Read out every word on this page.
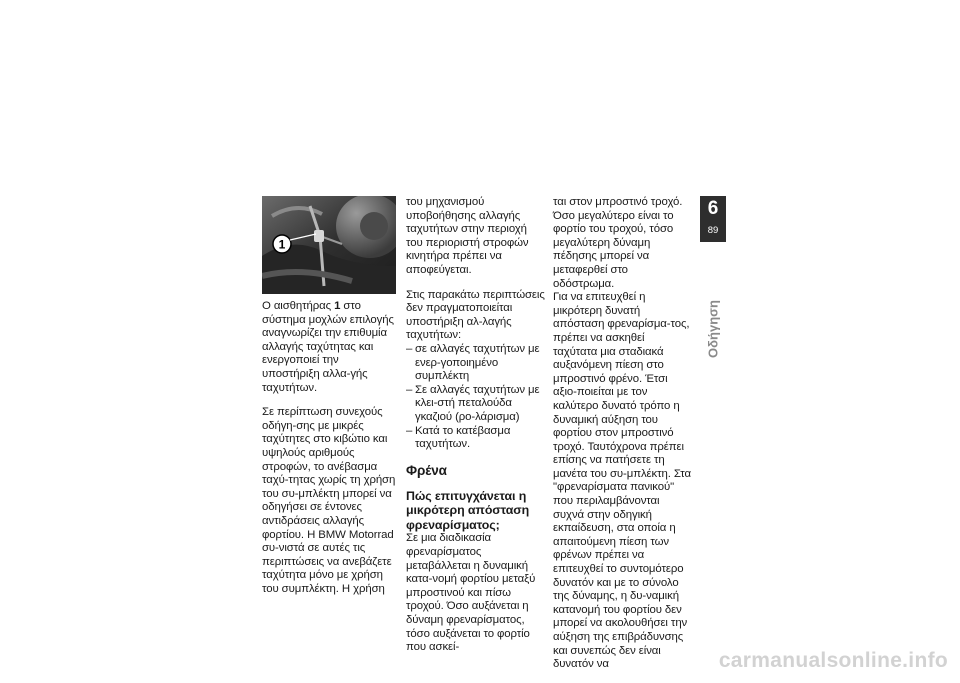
1

Ο αισθητήρας 1 στο σύστημα μοχλών επιλογής αναγνωρίζει την επιθυμία αλλαγής ταχύτητας και ενεργοποιεί την υποστήριξη αλλα-γής ταχυτήτων.

Σε περίπτωση συνεχούς οδήγη-σης με μικρές ταχύτητες στο κιβώτιο και υψηλούς αριθμούς στροφών, το ανέβασμα ταχύ-τητας χωρίς τη χρήση του συ-μπλέκτη μπορεί να οδηγήσει σε έντονες αντιδράσεις αλλαγής φορτίου. Η BMW Motorrad συ-νιστά σε αυτές τις περιπτώσεις να ανεβάζετε ταχύτητα μόνο με χρήση του συμπλέκτη. Η χρήση

του μηχανισμού υποβοήθησης αλλαγής ταχυτήτων στην περιοχή του περιοριστή στροφών κινητήρα πρέπει να αποφεύγεται.

Στις παρακάτω περιπτώσεις δεν πραγματοποιείται υποστήριξη αλ-λαγής ταχυτήτων:

– σε αλλαγές ταχυτήτων με ενερ-γοποιημένο συμπλέκτη
– Σε αλλαγές ταχυτήτων με κλει-στή πεταλούδα γκαζιού (ρο-λάρισμα)
– Κατά το κατέβασμα ταχυτήτων.
Φρένα
Πώς επιτυγχάνεται η μικρότερη απόσταση φρεναρίσματος;

Σε μια διαδικασία φρεναρίσματος μεταβάλλεται η δυναμική κατα-νομή φορτίου μεταξύ μπροστινού και πίσω τροχού. Όσο αυξάνεται η δύναμη φρεναρίσματος, τόσο αυξάνεται το φορτίο που ασκεί-

ται στον μπροστινό τροχό. Όσο μεγαλύτερο είναι το φορτίο του τροχού, τόσο μεγαλύτερη δύναμη πέδησης μπορεί να μεταφερθεί στο οδόστρωμα.

Για να επιτευχθεί η μικρότερη δυνατή απόσταση φρεναρίσμα-τος, πρέπει να ασκηθεί ταχύτατα μια σταδιακά αυξανόμενη πίεση στο μπροστινό φρένο. Έτσι αξιο-ποιείται με τον καλύτερο δυνατό τρόπο η δυναμική αύξηση του φορτίου στον μπροστινό τροχό. Ταυτόχρονα πρέπει επίσης να πατήσετε τη μανέτα του συ-μπλέκτη. Στα "φρεναρίσματα πανικού" που περιλαμβάνονται συχνά στην οδηγική εκπαίδευση, στα οποία η απαιτούμενη πίεση των φρένων πρέπει να επιτευχθεί το συντομότερο δυνατόν και με το σύνολο της δύναμης, η δυ-ναμική κατανομή του φορτίου δεν μπορεί να ακολουθήσει την αύξηση της επιβράδυνσης και συνεπώς δεν είναι δυνατόν να

6
89
Οδήγηση
carmanualsonline.info
